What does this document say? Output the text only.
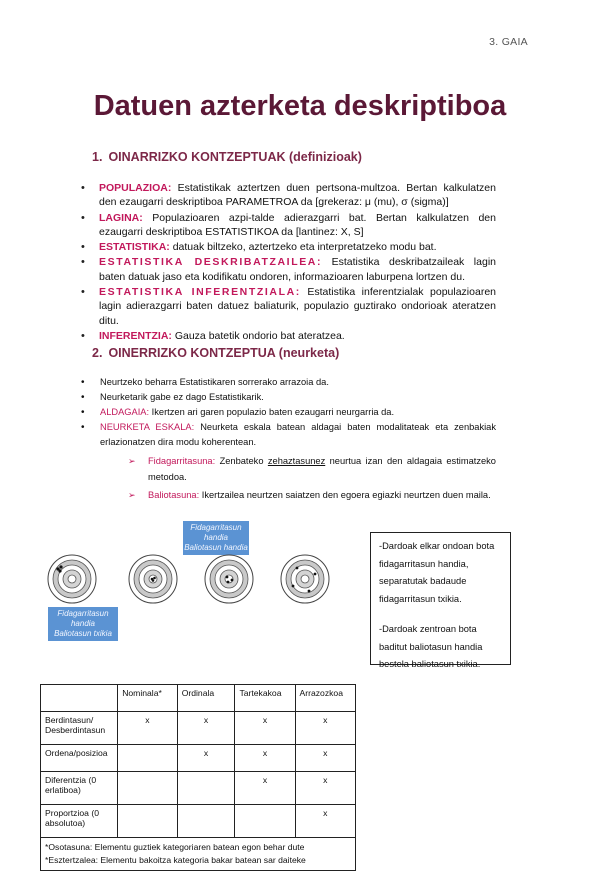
3. GAIA
Datuen azterketa deskriptiboa
1. OINARRIZKO KONTZEPTUAK (definizioak)
• POPULAZIOA: Estatistikak aztertzen duen pertsona-multzoa. Bertan kalkulatzen den ezaugarri deskriptiboa PARAMETROA da [grekeraz: μ (mu), σ (sigma)]
• LAGINA: Populazioaren azpi-talde adierazgarri bat. Bertan kalkulatzen den ezaugarri deskriptiboa ESTATISTIKOA da [lantinez: X, S]
• ESTATISTIKA: datuak biltzeko, aztertzeko eta interpretatzeko modu bat.
• ESTATISTIKA DESKRIBATZAILEA: Estatistika deskribatzaileak lagin baten datuak jaso eta kodifikatu ondoren, informazioaren laburpena lortzen du.
• ESTATISTIKA INFERENTZIALA: Estatistika inferentzialak populazioaren lagin adierazgarri baten datuez baliaturik, populazio guztirako ondorioak ateratzen ditu.
• INFERENTZIA: Gauza batetik ondorio bat ateratzea.
2. OINERRIZKO KONTZEPTUA (neurketa)
• Neurtzeko beharra Estatistikaren sorrerako arrazoia da.
• Neurketarik gabe ez dago Estatistikarik.
• ALDAGAIA: Ikertzen ari garen populazio baten ezaugarri neurgarria da.
• NEURKETA ESKALA: Neurketa eskala batean aldagai baten modalitateak eta zenbakiak erlazionatzen dira modu koherentean.
➢ Fidagarritasuna: Zenbateko zehaztasunez neurtua izan den aldagaia estimatzeko metodoa.
➢ Baliotasuna: Ikertzailea neurtzen saiatzen den egoera egiazki neurtzen duen maila.
Fidagarritasun
handia
Baliotasun handia
Fidagarritasun
handia
Baliotasun txikia
-Dardoak elkar ondoan bota fidagarritasun handia, separatutak badaude fidagarritasun txikia.
-Dardoak zentroan bota baditut baliotasun handia bestela baliotasun txikia.
	Nominala*	Ordinala	Tartekakoa	Arrazozkoa
Berdintasun/ Desberdintasun	x	x	x	x
Ordena/posizioa		x	x	x
Diferentzia (0 erlatiboa)			x	x
Proportzioa (0 absolutoa)				x

*Osotasuna: Elementu guztiek kategoriaren batean egon behar dute
*Esztertzalea: Elementu bakoitza kategoria bakar batean sar daiteke				
